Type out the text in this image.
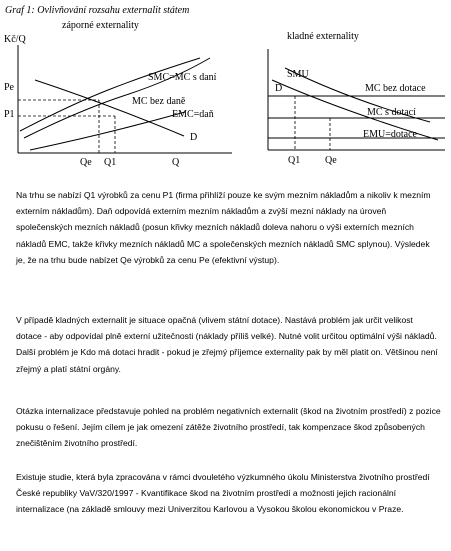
Graf 1: Ovlivňování rozsahu externalit státem
záporné externality
Kč/Q
Pe
P1
SMC=MC s daní
MC bez daně
EMC=daň
D
Qe Q1	Q
kladné externality
SMU
D	MC bez dotace
MC s dotací
EMU=dotace
Q1 Qe

Na trhu se nabízí Q1 výrobků za cenu P1 (firma přihlíží pouze ke svým mezním nákladům a nikoliv k mezním externím nákladům). Daň odpovídá externím mezním nákladům a zvýší mezní náklady na úroveň společenských mezních nákladů (posun křivky mezních nákladů doleva nahoru o výši externích mezních nákladů EMC, takže křivky mezních nákladů MC a společenských mezních nákladů SMC splynou). Výsledek je, že na trhu bude nabízet Qe výrobků za cenu Pe (efektivní výstup).

V případě kladných externalit je situace opačná (vlivem státní dotace). Nastává problém jak určit velikost dotace - aby odpovídal plně externí užitečnosti (náklady příliš velké). Nutné volit určitou optimální výši nákladů. Další problém je Kdo má dotaci hradit - pokud je zřejmý příjemce externality pak by měl platit on. Většinou není zřejmý a platí státní orgány.

Otázka internalizace představuje pohled na problém negativních externalit (škod na životním prostředí) z pozice pokusu o řešení. Jejím cílem je jak omezení zátěže životního prostředí, tak kompenzace škod způsobených znečištěním životního prostředí.

Existuje studie, která byla zpracována v rámci dvouletého výzkumného úkolu Ministerstva životního prostředí České republiky VaV/320/1997 - Kvantifikace škod na životním prostředí a možnosti jejich racionální internalizace (na základě smlouvy mezi Univerzitou Karlovou a Vysokou školou ekonomickou v Praze.
